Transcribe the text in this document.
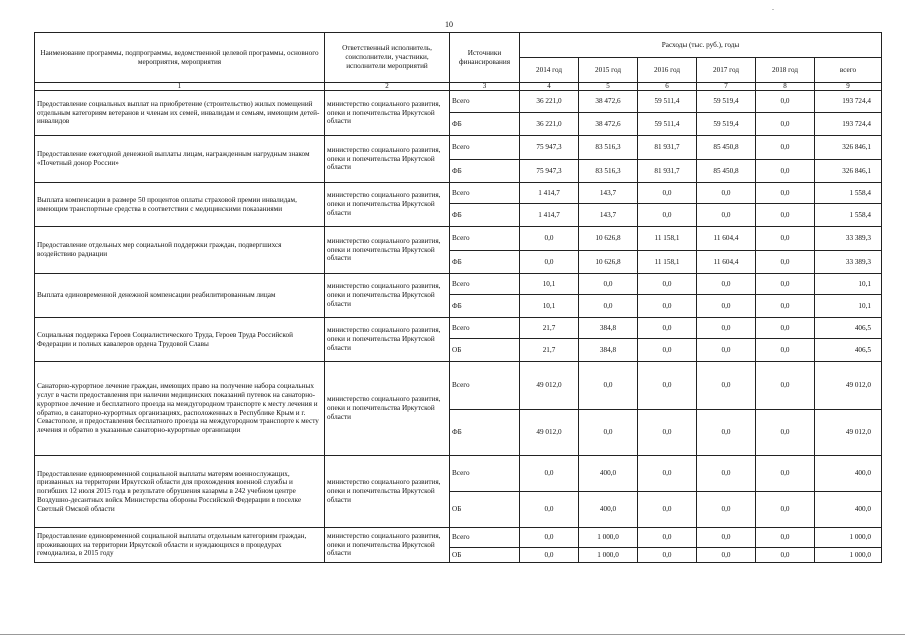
10
-
Наименование программы, подпрограммы, ведомственной целевой программы, основного мероприятия, мероприятия	Ответственный исполнитель, соисполнители, участники, исполнители мероприятий	Источники финансирования	Расходы (тыс. руб.), годы					
			2014 год	2015 год	2016 год	2017 год	2018 год	всего
1	2	3	4	5	6	7	8	9
Предоставление социальных выплат на приобретение (строительство) жилых помещений отдельным категориям ветеранов и членам их семей, инвалидам и семьям, имеющим детей-инвалидов	министерство социального развития, опеки и попечительства Иркутской области	Всего	36 221,0	38 472,6	59 511,4	59 519,4	0,0	193 724,4
		ФБ	36 221,0	38 472,6	59 511,4	59 519,4	0,0	193 724,4
Предоставление ежегодной денежной выплаты лицам, награжденным нагрудным знаком «Почетный донор России»	министерство социального развития, опеки и попечительства Иркутской области	Всего	75 947,3	83 516,3	81 931,7	85 450,8	0,0	326 846,1
		ФБ	75 947,3	83 516,3	81 931,7	85 450,8	0,0	326 846,1
Выплата компенсации в размере 50 процентов оплаты страховой премии инвалидам, имеющим транспортные средства в соответствии с медицинскими показаниями	министерство социального развития, опеки и попечительства Иркутской области	Всего	1 414,7	143,7	0,0	0,0	0,0	1 558,4
		ФБ	1 414,7	143,7	0,0	0,0	0,0	1 558,4
Предоставление отдельных мер социальной поддержки граждан, подвергшихся воздействию радиации	министерство социального развития, опеки и попечительства Иркутской области	Всего	0,0	10 626,8	11 158,1	11 604,4	0,0	33 389,3
		ФБ	0,0	10 626,8	11 158,1	11 604,4	0,0	33 389,3
Выплата единовременной денежной компенсации реабилитированным лицам	министерство социального развития, опеки и попечительства Иркутской области	Всего	10,1	0,0	0,0	0,0	0,0	10,1
		ФБ	10,1	0,0	0,0	0,0	0,0	10,1
Социальная поддержка Героев Социалистического Труда, Героев Труда Российской Федерации и полных кавалеров ордена Трудовой Славы	министерство социального развития, опеки и попечительства Иркутской области	Всего	21,7	384,8	0,0	0,0	0,0	406,5
		ОБ	21,7	384,8	0,0	0,0	0,0	406,5
Санаторно-курортное лечение граждан, имеющих право на получение набора социальных услуг в части предоставления при наличии медицинских показаний путевок на санаторно-курортное лечение и бесплатного проезда на междугородном транспорте к месту лечения и обратно, в санаторно-курортных организациях, расположенных в Республике Крым и г. Севастополе, и предоставления бесплатного проезда на междугородном транспорте к месту лечения и обратно в указанные санаторно-курортные организации	министерство социального развития, опеки и попечительства Иркутской области	Всего	49 012,0	0,0	0,0	0,0	0,0	49 012,0
		ФБ	49 012,0	0,0	0,0	0,0	0,0	49 012,0
Предоставление единовременной социальной выплаты матерям военнослужащих, призванных на территории Иркутской области для прохождения военной службы и погибших 12 июля 2015 года в результате обрушения казармы в 242 учебном центре Воздушно-десантных войск Министерства обороны Российской Федерации в поселке Светлый Омской области	министерство социального развития, опеки и попечительства Иркутской области	Всего	0,0	400,0	0,0	0,0	0,0	400,0
		ОБ	0,0	400,0	0,0	0,0	0,0	400,0
Предоставление единовременной социальной выплаты отдельным категориям граждан, проживающих на территории Иркутской области и нуждающихся в процедурах гемодиализа, в 2015 году	министерство социального развития, опеки и попечительства Иркутской области	Всего	0,0	1 000,0	0,0	0,0	0,0	1 000,0
		ОБ	0,0	1 000,0	0,0	0,0	0,0	1 000,0
